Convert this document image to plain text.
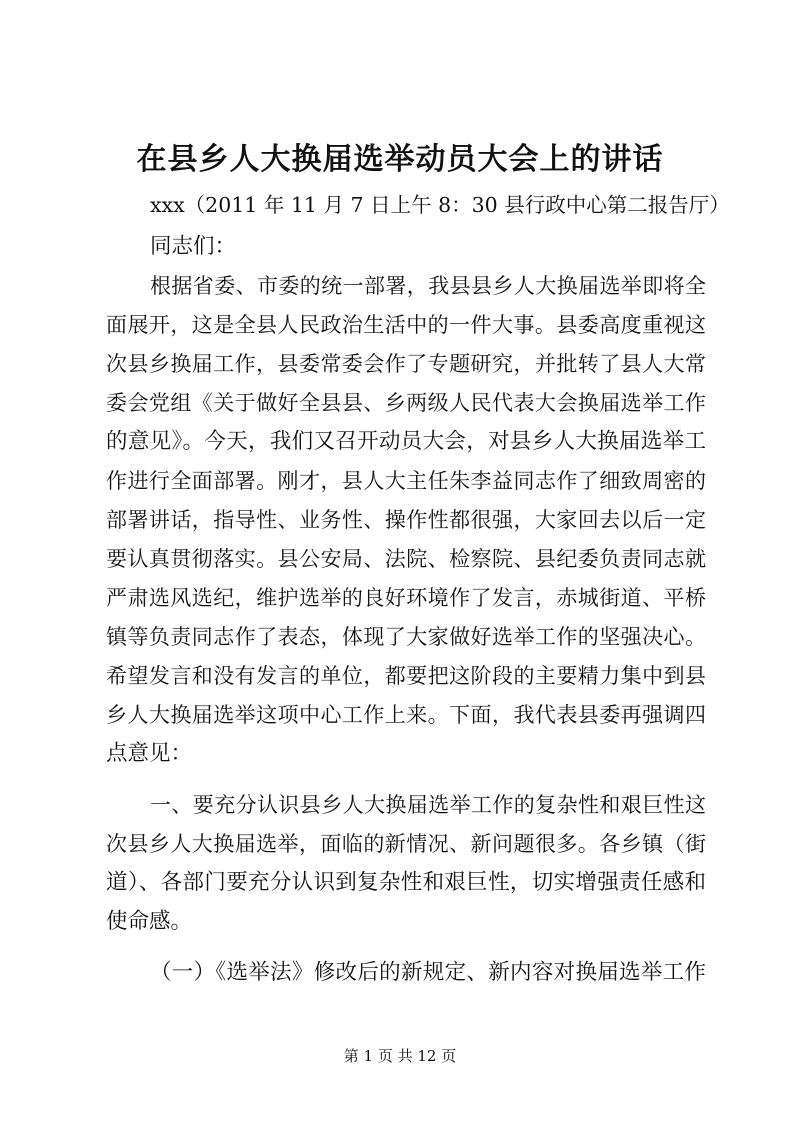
在县乡人大换届选举动员大会上的讲话
xxx（2011 年 11 月 7 日上午 8：30 县行政中心第二报告厅）
同志们：
根据省委、市委的统一部署，我县县乡人大换届选举即将全
面展开，这是全县人民政治生活中的一件大事。县委高度重视这
次县乡换届工作，县委常委会作了专题研究，并批转了县人大常
委会党组《关于做好全县县、乡两级人民代表大会换届选举工作
的意见》。今天，我们又召开动员大会，对县乡人大换届选举工
作进行全面部署。刚才，县人大主任朱李益同志作了细致周密的
部署讲话，指导性、业务性、操作性都很强，大家回去以后一定
要认真贯彻落实。县公安局、法院、检察院、县纪委负责同志就
严肃选风选纪，维护选举的良好环境作了发言，赤城街道、平桥
镇等负责同志作了表态，体现了大家做好选举工作的坚强决心。
希望发言和没有发言的单位，都要把这阶段的主要精力集中到县
乡人大换届选举这项中心工作上来。下面，我代表县委再强调四
点意见：
一、要充分认识县乡人大换届选举工作的复杂性和艰巨性这
次县乡人大换届选举，面临的新情况、新问题很多。各乡镇（街
道）、各部门要充分认识到复杂性和艰巨性，切实增强责任感和
使命感。
（一）《选举法》修改后的新规定、新内容对换届选举工作
第 1 页 共 12 页
